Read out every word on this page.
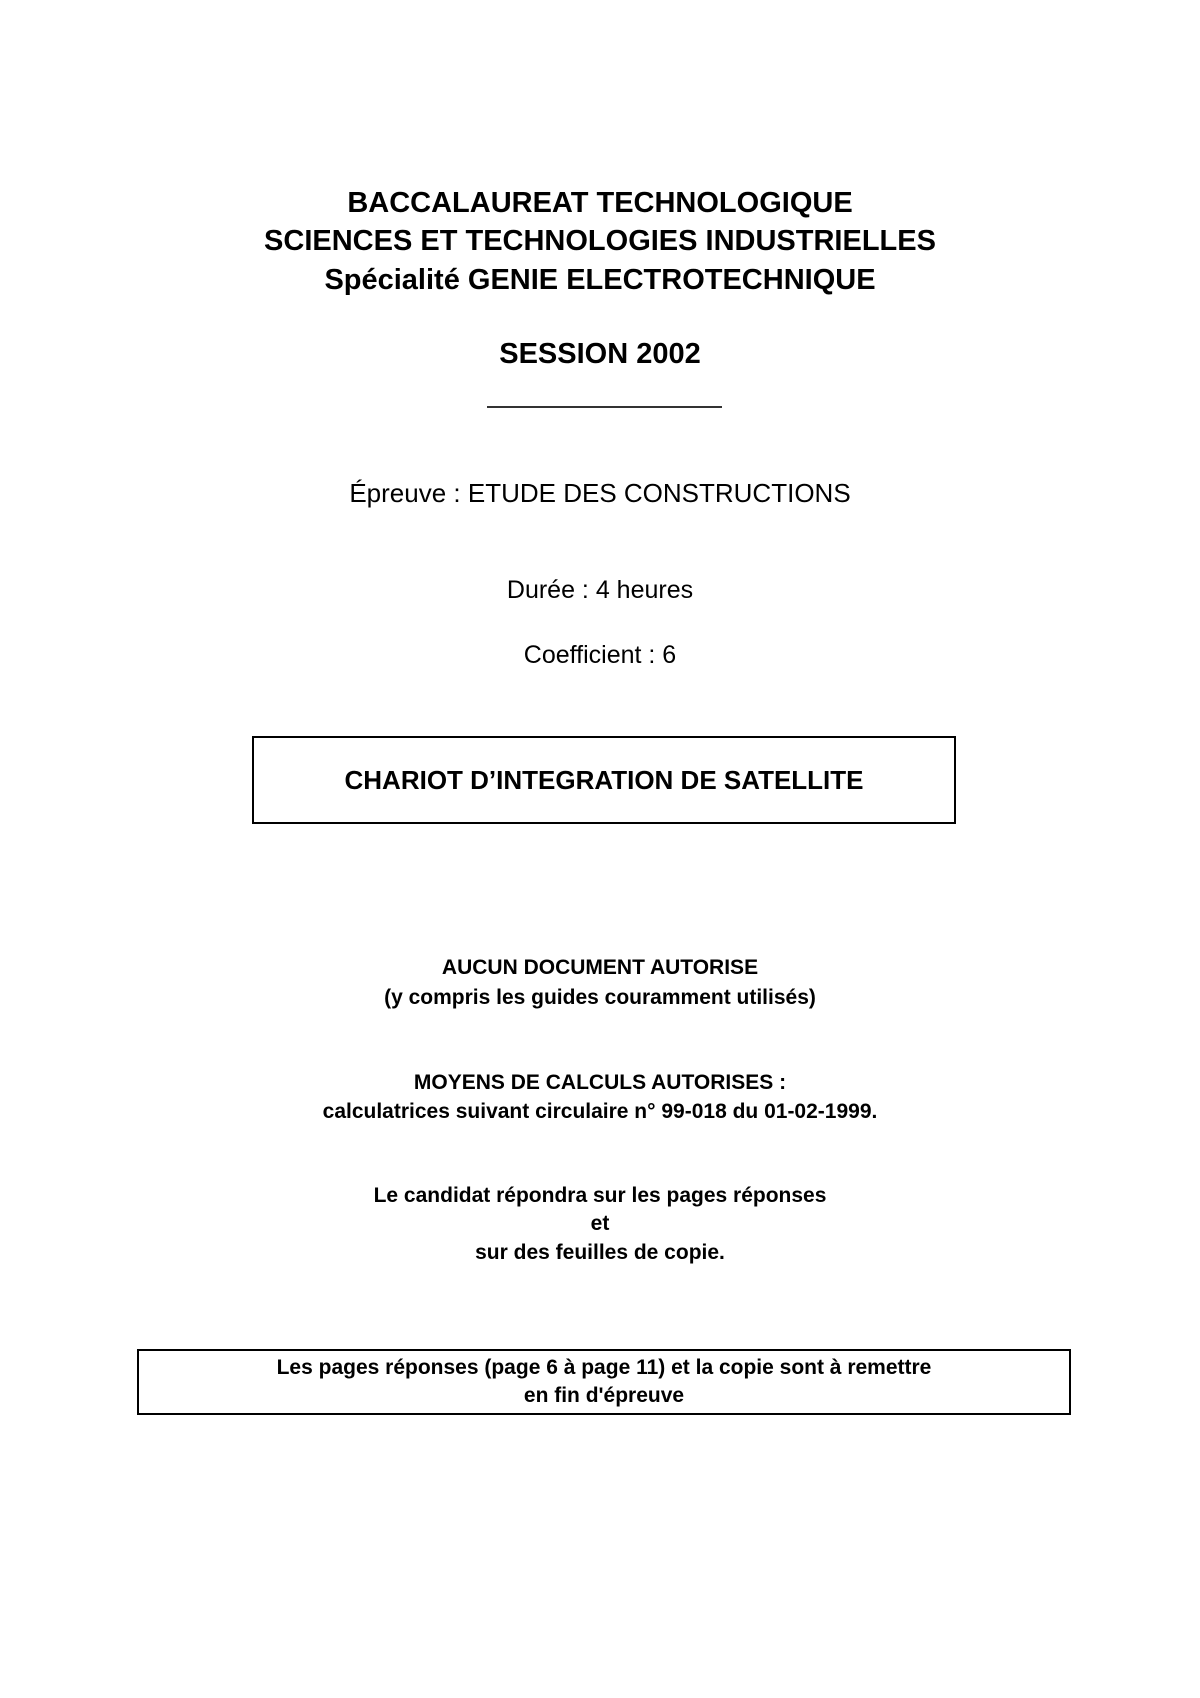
BACCALAUREAT TECHNOLOGIQUE
SCIENCES ET TECHNOLOGIES INDUSTRIELLES
Spécialité GENIE ELECTROTECHNIQUE
SESSION 2002
Épreuve : ETUDE DES CONSTRUCTIONS
Durée : 4 heures
Coefficient : 6
CHARIOT D’INTEGRATION DE SATELLITE
AUCUN DOCUMENT AUTORISE
(y compris les guides couramment utilisés)
MOYENS DE CALCULS AUTORISES :
calculatrices suivant circulaire n° 99-018 du 01-02-1999.
Le candidat répondra sur les pages réponses
et
sur des feuilles de copie.
Les pages réponses (page 6 à page 11) et la copie sont à remettre
en fin d'épreuve
